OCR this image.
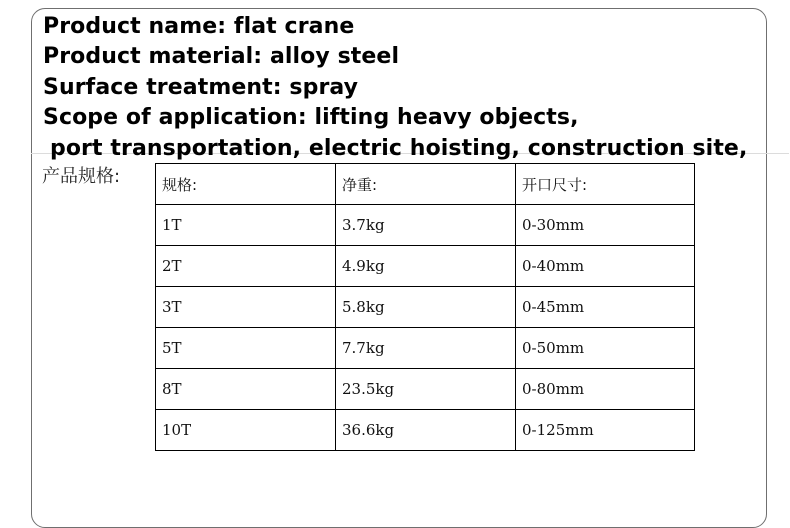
Product name: flat crane

Product material: alloy steel

Surface treatment: spray

Scope of application: lifting heavy objects,

port transportation, electric hoisting, construction site,

产品规格:	规格:	净重:	开口尺寸:
1T	3.7kg	0-30mm
2T	4.9kg	0-40mm
3T	5.8kg	0-45mm
5T	7.7kg	0-50mm
8T	23.5kg	0-80mm
10T	36.6kg	0-125mm
